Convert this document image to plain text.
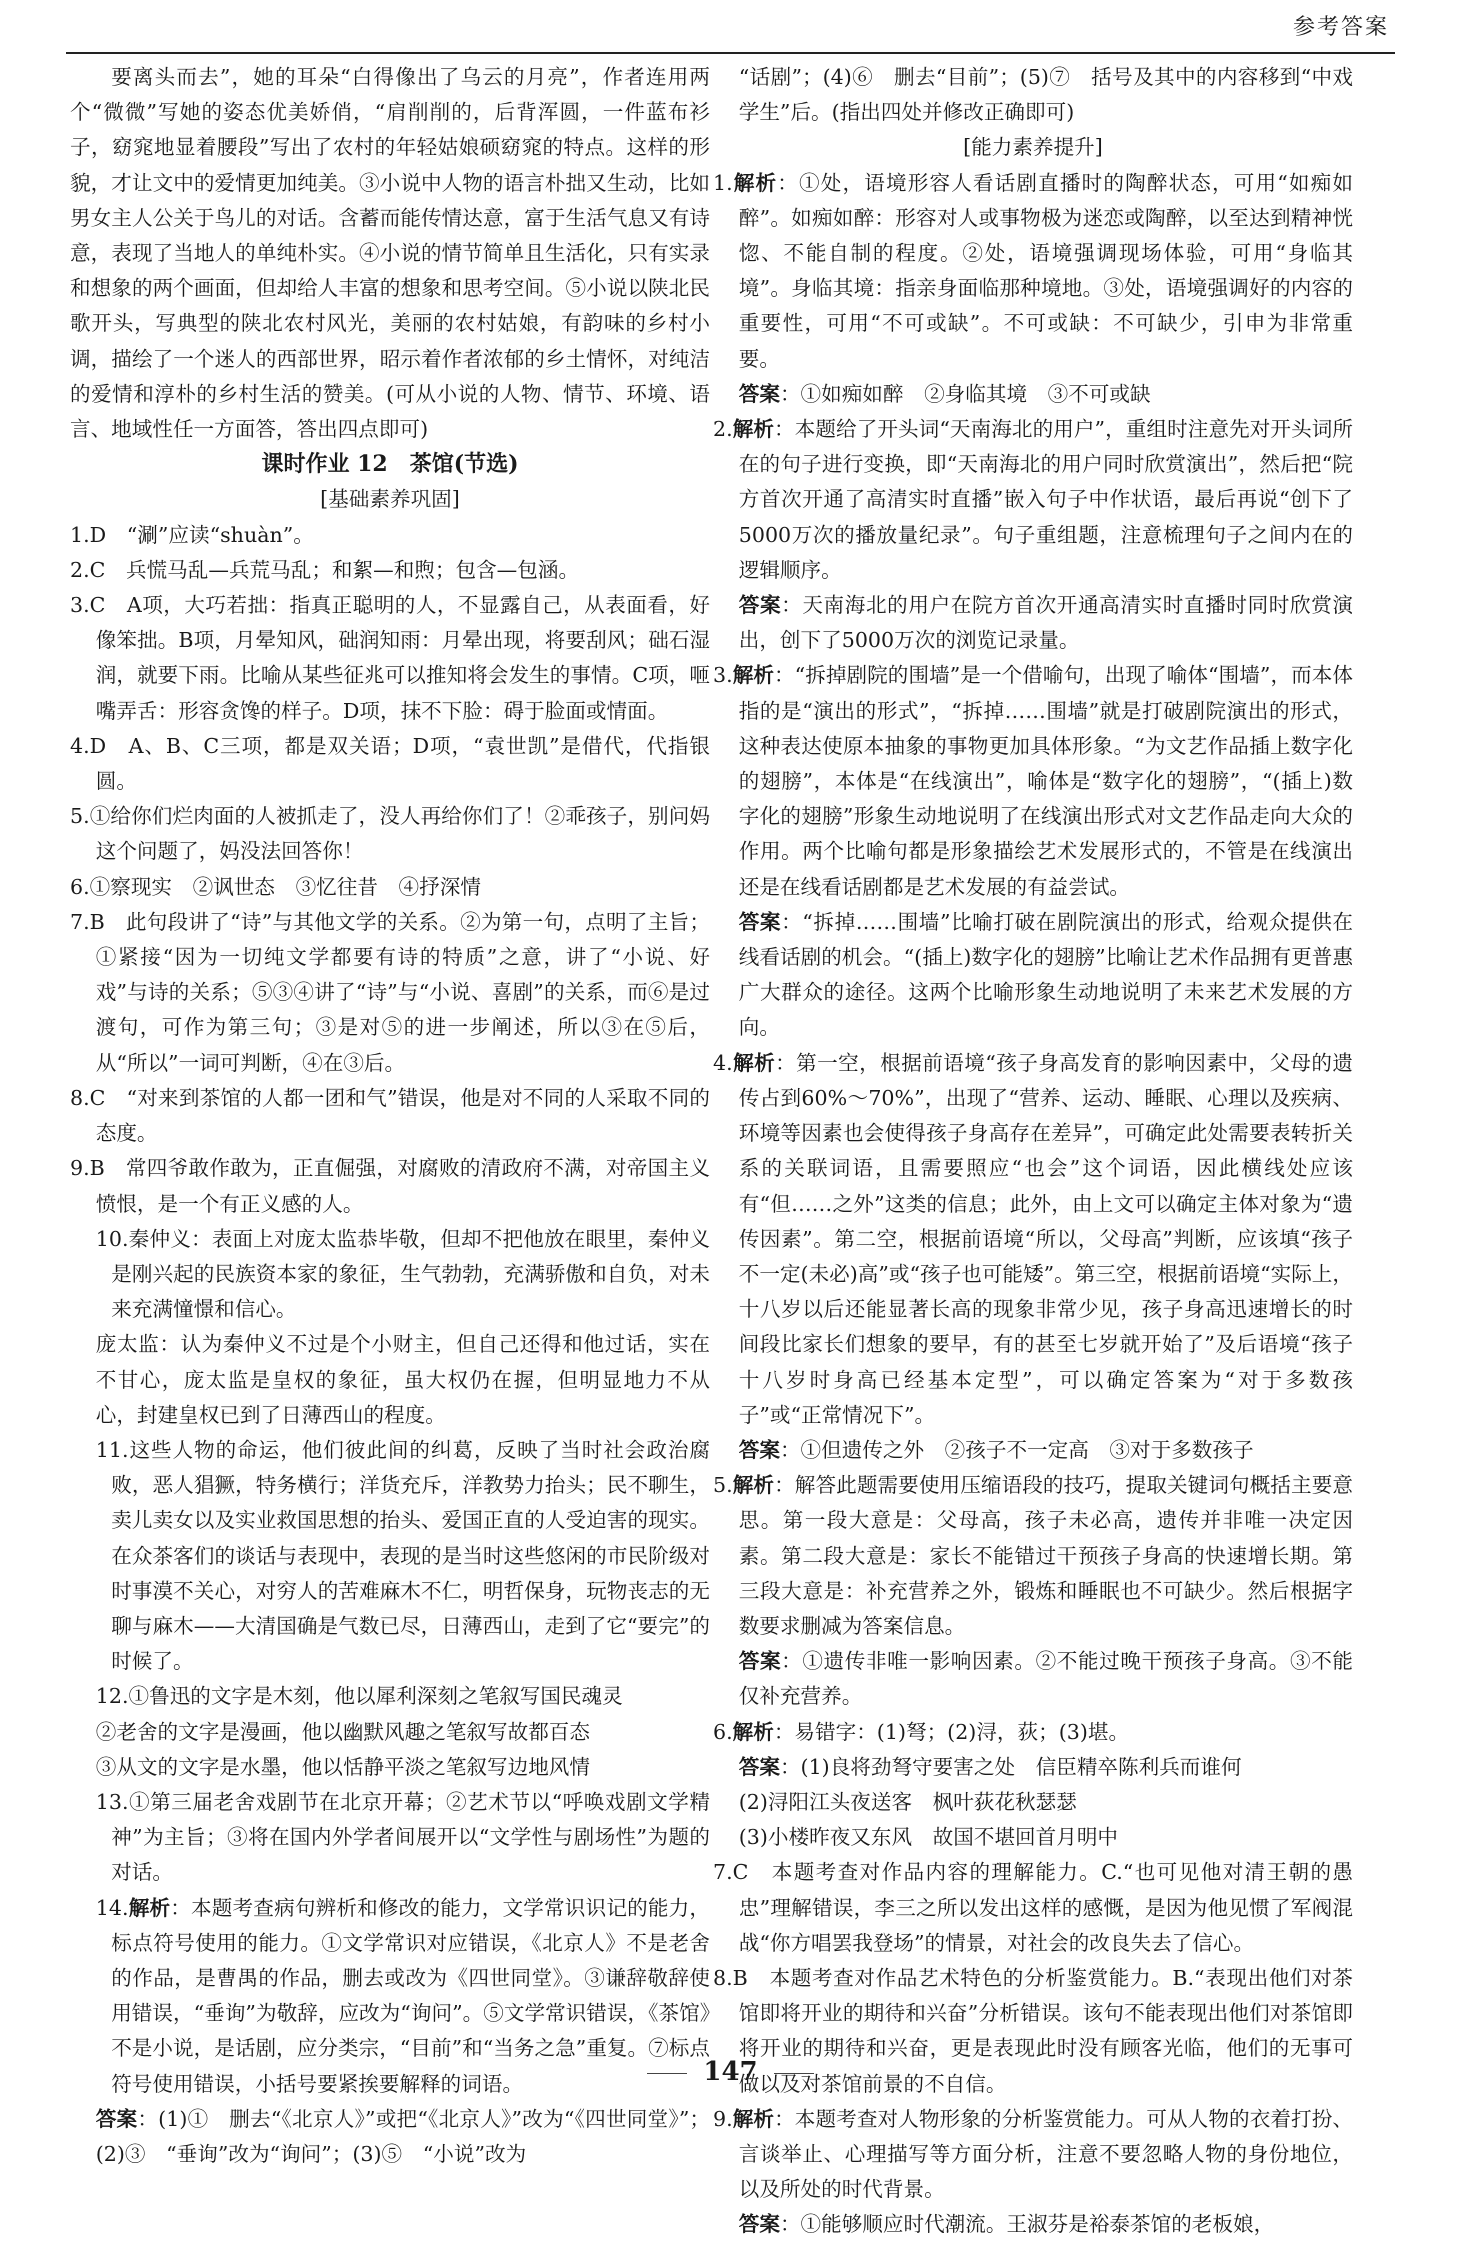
参考答案

要离头而去”，她的耳朵“白得像出了乌云的月亮”，作者连用两个“微微”写她的姿态优美娇俏，“肩削削的，后背浑圆，一件蓝布衫子，窈窕地显着腰段”写出了农村的年轻姑娘硕窈窕的特点。这样的形貌，才让文中的爱情更加纯美。③小说中人物的语言朴拙又生动，比如男女主人公关于鸟儿的对话。含蓄而能传情达意，富于生活气息又有诗意，表现了当地人的单纯朴实。④小说的情节简单且生活化，只有实录和想象的两个画面，但却给人丰富的想象和思考空间。⑤小说以陕北民歌开头，写典型的陕北农村风光，美丽的农村姑娘，有韵味的乡村小调，描绘了一个迷人的西部世界，昭示着作者浓郁的乡土情怀，对纯洁的爱情和淳朴的乡村生活的赞美。(可从小说的人物、情节、环境、语言、地域性任一方面答，答出四点即可)

课时作业 12　茶馆(节选)

[基础素养巩固]

1.D　“涮”应读“shuàn”。

2.C　兵慌马乱—兵荒马乱；和絮—和煦；包含—包涵。

3.C　A项，大巧若拙：指真正聪明的人，不显露自己，从表面看，好像笨拙。B项，月晕知风，础润知雨：月晕出现，将要刮风；础石湿润，就要下雨。比喻从某些征兆可以推知将会发生的事情。C项，咂嘴弄舌：形容贪馋的样子。D项，抹不下脸：碍于脸面或情面。

4.D　A、B、C三项，都是双关语；D项，“袁世凯”是借代，代指银圆。

5.①给你们烂肉面的人被抓走了，没人再给你们了！②乖孩子，别问妈这个问题了，妈没法回答你！

6.①察现实　②讽世态　③忆往昔　④抒深情

7.B　此句段讲了“诗”与其他文学的关系。②为第一句，点明了主旨；①紧接“因为一切纯文学都要有诗的特质”之意，讲了“小说、好戏”与诗的关系；⑤③④讲了“诗”与“小说、喜剧”的关系，而⑥是过渡句，可作为第三句；③是对⑤的进一步阐述，所以③在⑤后，从“所以”一词可判断，④在③后。

8.C　“对来到茶馆的人都一团和气”错误，他是对不同的人采取不同的态度。

9.B　常四爷敢作敢为，正直倔强，对腐败的清政府不满，对帝国主义愤恨，是一个有正义感的人。

10.秦仲义：表面上对庞太监恭毕敬，但却不把他放在眼里，秦仲义是刚兴起的民族资本家的象征，生气勃勃，充满骄傲和自负，对未来充满憧憬和信心。

庞太监：认为秦仲义不过是个小财主，但自己还得和他过话，实在不甘心，庞太监是皇权的象征，虽大权仍在握，但明显地力不从心，封建皇权已到了日薄西山的程度。

11.这些人物的命运，他们彼此间的纠葛，反映了当时社会政治腐败，恶人猖獗，特务横行；洋货充斥，洋教势力抬头；民不聊生，卖儿卖女以及实业救国思想的抬头、爱国正直的人受迫害的现实。在众茶客们的谈话与表现中，表现的是当时这些悠闲的市民阶级对时事漠不关心，对穷人的苦难麻木不仁，明哲保身，玩物丧志的无聊与麻木——大清国确是气数已尽，日薄西山，走到了它“要完”的时候了。

12.①鲁迅的文字是木刻，他以犀利深刻之笔叙写国民魂灵

②老舍的文字是漫画，他以幽默风趣之笔叙写故都百态

③从文的文字是水墨，他以恬静平淡之笔叙写边地风情

13.①第三届老舍戏剧节在北京开幕；②艺术节以“呼唤戏剧文学精神”为主旨；③将在国内外学者间展开以“文学性与剧场性”为题的对话。

14.解析：本题考查病句辨析和修改的能力，文学常识识记的能力，标点符号使用的能力。①文学常识对应错误，《北京人》不是老舍的作品，是曹禺的作品，删去或改为《四世同堂》。③谦辞敬辞使用错误，“垂询”为敬辞，应改为“询问”。⑤文学常识错误，《茶馆》不是小说，是话剧，应分类宗，“目前”和“当务之急”重复。⑦标点符号使用错误，小括号要紧挨要解释的词语。

答案：(1)①　删去“《北京人》”或把“《北京人》”改为“《四世同堂》”；(2)③　“垂询”改为“询问”；(3)⑤　“小说”改为

“话剧”；(4)⑥　删去“目前”；(5)⑦　括号及其中的内容移到“中戏学生”后。(指出四处并修改正确即可)

[能力素养提升]

1.解析：①处，语境形容人看话剧直播时的陶醉状态，可用“如痴如醉”。如痴如醉：形容对人或事物极为迷恋或陶醉，以至达到精神恍惚、不能自制的程度。②处，语境强调现场体验，可用“身临其境”。身临其境：指亲身面临那种境地。③处，语境强调好的内容的重要性，可用“不可或缺”。不可或缺：不可缺少，引申为非常重要。

答案：①如痴如醉　②身临其境　③不可或缺

2.解析：本题给了开头词“天南海北的用户”，重组时注意先对开头词所在的句子进行变换，即“天南海北的用户同时欣赏演出”，然后把“院方首次开通了高清实时直播”嵌入句子中作状语，最后再说“创下了5000万次的播放量纪录”。句子重组题，注意梳理句子之间内在的逻辑顺序。

答案：天南海北的用户在院方首次开通高清实时直播时同时欣赏演出，创下了5000万次的浏览记录量。

3.解析：“拆掉剧院的围墙”是一个借喻句，出现了喻体“围墙”，而本体指的是“演出的形式”，“拆掉……围墙”就是打破剧院演出的形式，这种表达使原本抽象的事物更加具体形象。“为文艺作品插上数字化的翅膀”，本体是“在线演出”，喻体是“数字化的翅膀”，“(插上)数字化的翅膀”形象生动地说明了在线演出形式对文艺作品走向大众的作用。两个比喻句都是形象描绘艺术发展形式的，不管是在线演出还是在线看话剧都是艺术发展的有益尝试。

答案：“拆掉……围墙”比喻打破在剧院演出的形式，给观众提供在线看话剧的机会。“(插上)数字化的翅膀”比喻让艺术作品拥有更普惠广大群众的途径。这两个比喻形象生动地说明了未来艺术发展的方向。

4.解析：第一空，根据前语境“孩子身高发育的影响因素中，父母的遗传占到60%～70%”，出现了“营养、运动、睡眠、心理以及疾病、环境等因素也会使得孩子身高存在差异”，可确定此处需要表转折关系的关联词语，且需要照应“也会”这个词语，因此横线处应该有“但……之外”这类的信息；此外，由上文可以确定主体对象为“遗传因素”。第二空，根据前语境“所以，父母高”判断，应该填“孩子不一定(未必)高”或“孩子也可能矮”。第三空，根据前语境“实际上，十八岁以后还能显著长高的现象非常少见，孩子身高迅速增长的时间段比家长们想象的要早，有的甚至七岁就开始了”及后语境“孩子十八岁时身高已经基本定型”，可以确定答案为“对于多数孩子”或“正常情况下”。

答案：①但遗传之外　②孩子不一定高　③对于多数孩子

5.解析：解答此题需要使用压缩语段的技巧，提取关键词句概括主要意思。第一段大意是：父母高，孩子未必高，遗传并非唯一决定因素。第二段大意是：家长不能错过干预孩子身高的快速增长期。第三段大意是：补充营养之外，锻炼和睡眠也不可缺少。然后根据字数要求删减为答案信息。

答案：①遗传非唯一影响因素。②不能过晚干预孩子身高。③不能仅补充营养。

6.解析：易错字：(1)弩；(2)浔，荻；(3)堪。

答案：(1)良将劲弩守要害之处　信臣精卒陈利兵而谁何

(2)浔阳江头夜送客　枫叶荻花秋瑟瑟

(3)小楼昨夜又东风　故国不堪回首月明中

7.C　本题考查对作品内容的理解能力。C.“也可见他对清王朝的愚忠”理解错误，李三之所以发出这样的感慨，是因为他见惯了军阀混战“你方唱罢我登场”的情景，对社会的改良失去了信心。

8.B　本题考查对作品艺术特色的分析鉴赏能力。B.“表现出他们对茶馆即将开业的期待和兴奋”分析错误。该句不能表现出他们对茶馆即将开业的期待和兴奋，更是表现此时没有顾客光临，他们的无事可做以及对茶馆前景的不自信。

9.解析：本题考查对人物形象的分析鉴赏能力。可从人物的衣着打扮、言谈举止、心理描写等方面分析，注意不要忽略人物的身份地位，以及所处的时代背景。

答案：①能够顺应时代潮流。王淑芬是裕泰茶馆的老板娘，

147
